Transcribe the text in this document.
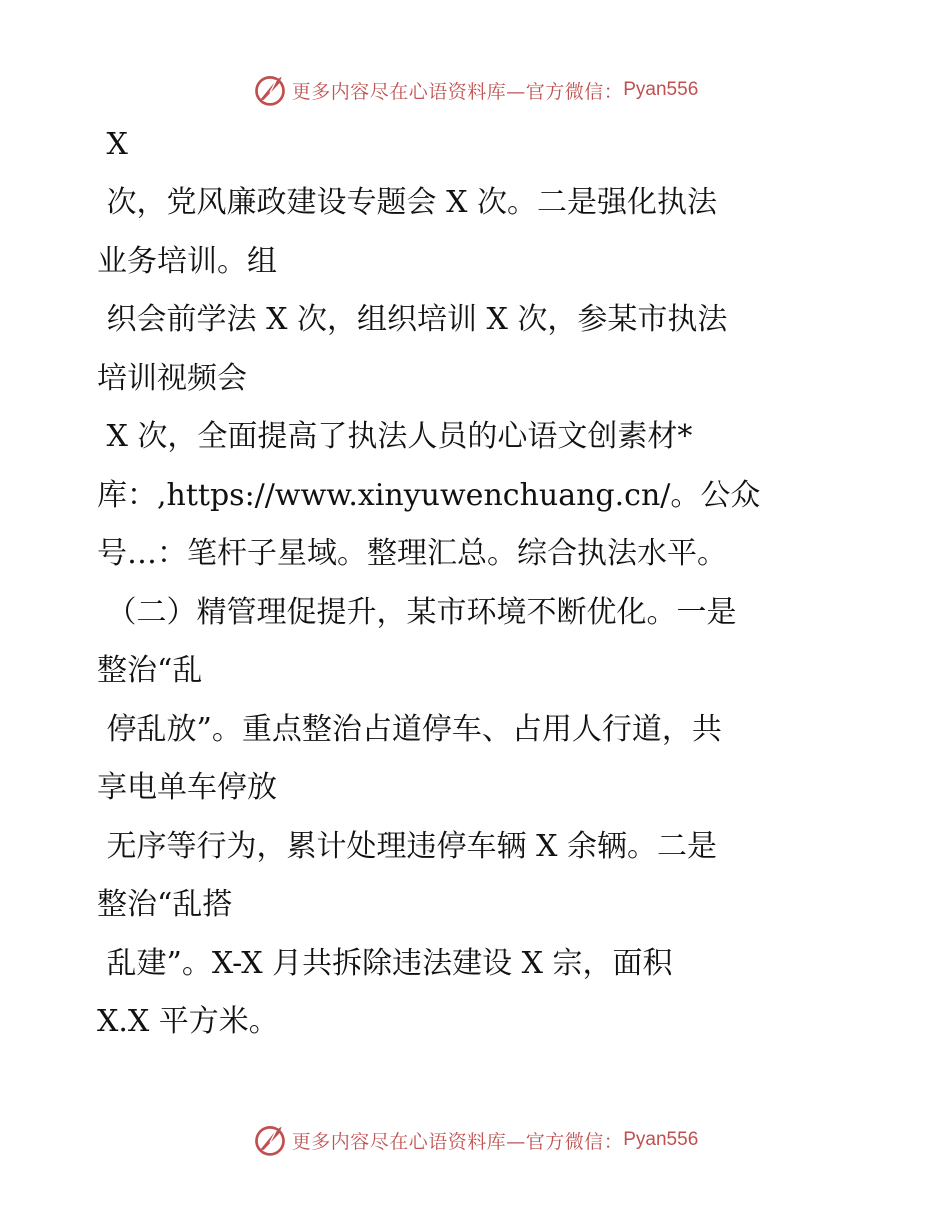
更多内容尽在心语资料库—官方微信： Pyan556
X
次，党风廉政建设专题会 X 次。二是强化执法
业务培训。组
织会前学法 X 次，组织培训 X 次，参某市执法
培训视频会
X 次，全面提高了执法人员的心语文创素材*
库：,https://www.xinyuwenchuang.cn/。公众
号…：笔杆子星域。整理汇总。综合执法水平。
（二）精管理促提升，某市环境不断优化。一是
整治“乱
停乱放”。重点整治占道停车、占用人行道，共
享电单车停放
无序等行为，累计处理违停车辆 X 余辆。二是
整治“乱搭
乱建”。X-X 月共拆除违法建设 X 宗，面积
X.X 平方米。
更多内容尽在心语资料库—官方微信： Pyan556
